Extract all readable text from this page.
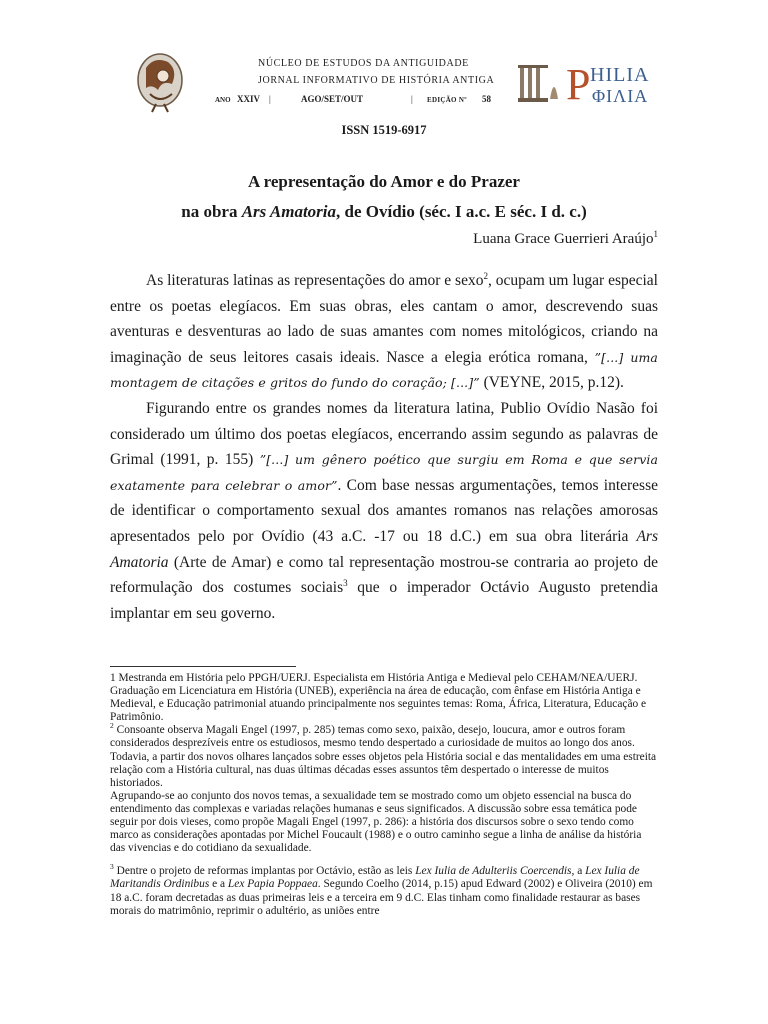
NÚCLEO DE ESTUDOS DA ANTIGUIDADE
JORNAL INFORMATIVO DE HISTÓRIA ANTIGA
ANO XXIV |	AGO/SET/OUT	| EDIÇÃO Nº 58 P HILIA
ΦΙΛΙΑ
ISSN 1519-6917
A representação do Amor e do Prazer
na obra Ars Amatoria, de Ovídio (séc. I a.c. E séc. I d. c.)
Luana Grace Guerrieri Araújo$^1$

As literaturas latinas as representações do amor e sexo$^2$, ocupam um lugar especial entre os poetas elegíacos. Em suas obras, eles cantam o amor, descrevendo suas aventuras e desventuras ao lado de suas amantes com nomes mitológicos, criando na imaginação de seus leitores casais ideais. Nasce a elegia erótica romana, ”[...] uma montagem de citações e gritos do fundo do coração; [...]” (VEYNE, 2015, p.12).

Figurando entre os grandes nomes da literatura latina, Publio Ovídio Nasão foi considerado um último dos poetas elegíacos, encerrando assim segundo as palavras de Grimal (1991, p. 155) ”[...] um gênero poético que surgiu em Roma e que servia exatamente para celebrar o amor”. Com base nessas argumentações, temos interesse de identificar o comportamento sexual dos amantes romanos nas relações amorosas apresentados pelo por Ovídio (43 a.C. -17 ou 18 d.C.) em sua obra literária Ars Amatoria (Arte de Amar) e como tal representação mostrou-se contraria ao projeto de reformulação dos costumes sociais$^3$ que o imperador Octávio Augusto pretendia implantar em seu governo.

1 Mestranda em História pelo PPGH/UERJ. Especialista em História Antiga e Medieval pelo CEHAM/NEA/UERJ. Graduação em Licenciatura em História (UNEB), experiência na área de educação, com ênfase em História Antiga e Medieval, e Educação patrimonial atuando principalmente nos seguintes temas: Roma, África, Literatura, Educação e Patrimônio.

$^2$ Consoante observa Magali Engel (1997, p. 285) temas como sexo, paixão, desejo, loucura, amor e outros foram considerados desprezíveis entre os estudiosos, mesmo tendo despertado a curiosidade de muitos ao longo dos anos. Todavia, a partir dos novos olhares lançados sobre esses objetos pela História social e das mentalidades em uma estreita relação com a História cultural, nas duas últimas décadas esses assuntos têm despertado o interesse de muitos historiados.

Agrupando-se ao conjunto dos novos temas, a sexualidade tem se mostrado como um objeto essencial na busca do entendimento das complexas e variadas relações humanas e seus significados. A discussão sobre essa temática pode seguir por dois vieses, como propõe Magali Engel (1997, p. 286): a história dos discursos sobre o sexo tendo como marco as considerações apontadas por Michel Foucault (1988) e o outro caminho segue a linha de análise da história das vivencias e do cotidiano da sexualidade.

$^3$ Dentre o projeto de reformas implantas por Octávio, estão as leis Lex Iulia de Adulteriis Coercendis, a Lex Iulia de Maritandis Ordinibus e a Lex Papia Poppaea. Segundo Coelho (2014, p.15) apud Edward (2002) e Oliveira (2010) em 18 a.C. foram decretadas as duas primeiras leis e a terceira em 9 d.C. Elas tinham como finalidade restaurar as bases morais do matrimônio, reprimir o adultério, as uniões entre
